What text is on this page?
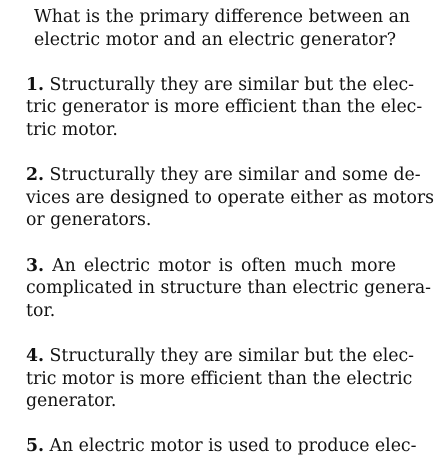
What is the primary difference between an
electric motor and an electric generator?

1. Structurally they are similar but the elec-
tric generator is more efficient than the elec-
tric motor.

2. Structurally they are similar and some de-
vices are designed to operate either as motors
or generators.

3. An electric motor is often much more
complicated in structure than electric genera-
tor.

4. Structurally they are similar but the elec-
tric motor is more efficient than the electric
generator.

5. An electric motor is used to produce elec-
